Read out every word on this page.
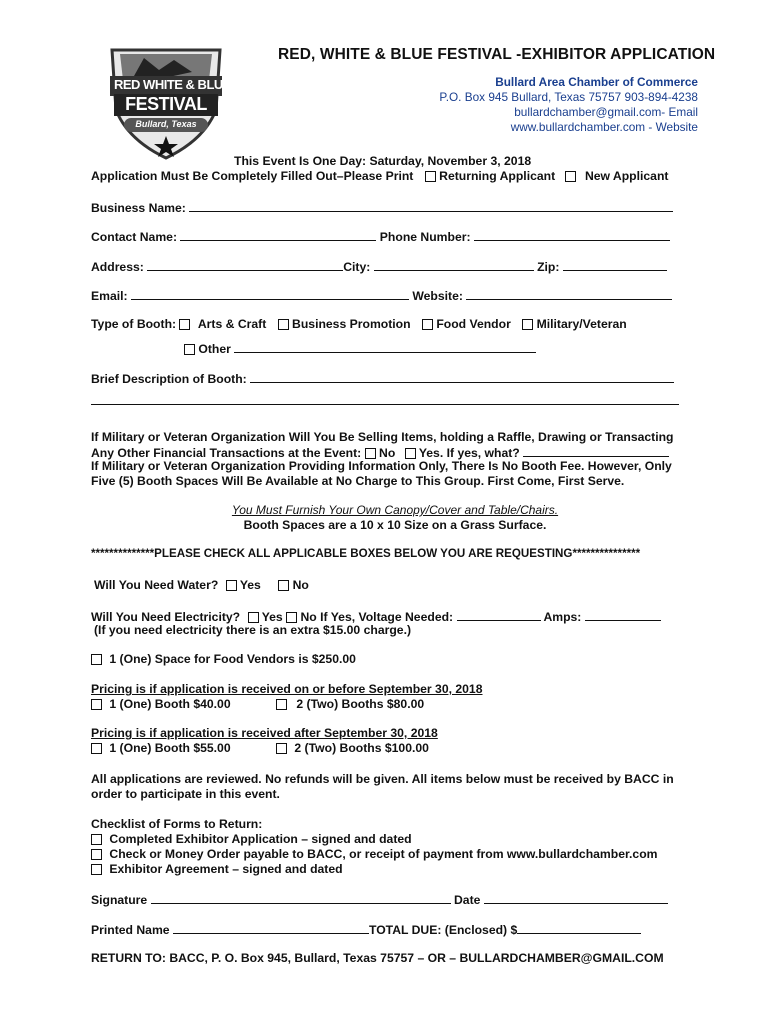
RED WHITE & BLUE
FESTIVAL
Bullard, Texas
RED, WHITE & BLUE FESTIVAL -EXHIBITOR APPLICATION
Bullard Area Chamber of Commerce
P.O. Box 945 Bullard, Texas 75757 903-894-4238
bullardchamber@gmail.com- Email
www.bullardchamber.com - Website
This Event Is One Day: Saturday, November 3, 2018
Application Must Be Completely Filled Out–Please Print Returning Applicant New Applicant
Business Name:
Contact Name:	Phone Number:
Address:	City:	Zip:
Email:	Website:
Type of Booth: Arts & Craft Business Promotion Food Vendor Military/Veteran
Other
Brief Description of Booth:
If Military or Veteran Organization Will You Be Selling Items, holding a Raffle, Drawing or Transacting
Any Other Financial Transactions at the Event: No Yes. If yes, what?
If Military or Veteran Organization Providing Information Only, There Is No Booth Fee. However, Only
Five (5) Booth Spaces Will Be Available at No Charge to This Group. First Come, First Serve.
You Must Furnish Your Own Canopy/Cover and Table/Chairs.
Booth Spaces are a 10 x 10 Size on a Grass Surface.
**************PLEASE CHECK ALL APPLICABLE BOXES BELOW YOU ARE REQUESTING***************
Will You Need Water? Yes	No
Will You Need Electricity? Yes No If Yes, Voltage Needed:	Amps:
(If you need electricity there is an extra $15.00 charge.)
1 (One) Space for Food Vendors is $250.00
Pricing is if application is received on or before September 30, 2018
1 (One) Booth $40.00	2 (Two) Booths $80.00
Pricing is if application is received after September 30, 2018
1 (One) Booth $55.00	2 (Two) Booths $100.00
All applications are reviewed. No refunds will be given. All items below must be received by BACC in
order to participate in this event.
Checklist of Forms to Return:
Completed Exhibitor Application – signed and dated
Check or Money Order payable to BACC, or receipt of payment from www.bullardchamber.com
Exhibitor Agreement – signed and dated
Signature	Date
Printed Name	TOTAL DUE: (Enclosed) $
RETURN TO: BACC, P. O. Box 945, Bullard, Texas 75757 – OR – BULLARDCHAMBER@GMAIL.COM
